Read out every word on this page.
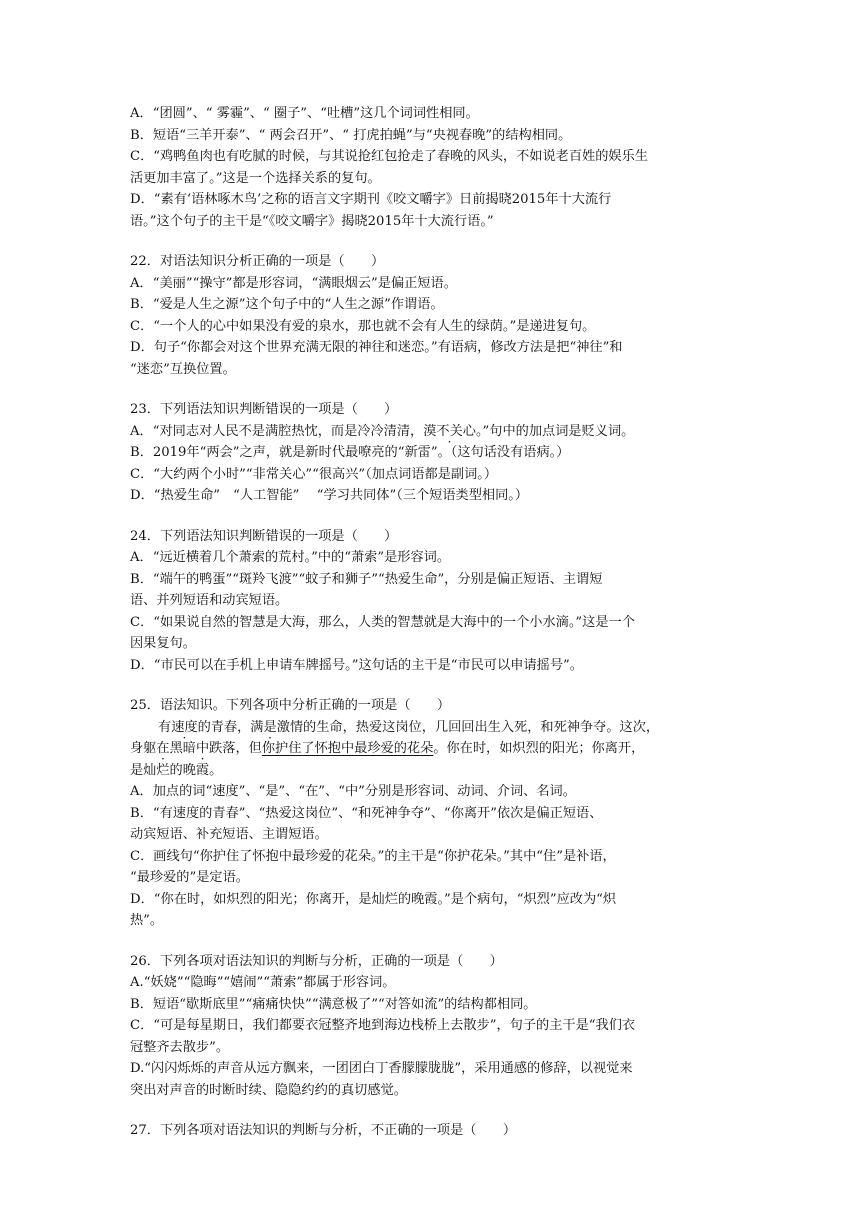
A．“团圆”、“ 雾霾”、“ 圈子”、“吐槽”这几个词词性相同。
B．短语“三羊开泰”、“ 两会召开”、“ 打虎拍蝇”与“央视春晚”的结构相同。
C．“鸡鸭鱼肉也有吃腻的时候，与其说抢红包抢走了春晚的风头，不如说老百姓的娱乐生
活更加丰富了。”这是一个选择关系的复句。
D．“素有‘语林啄木鸟’之称的语言文字期刊《咬文嚼字》日前揭晓2015年十大流行
语。”这个句子的主干是“《咬文嚼字》揭晓2015年十大流行语。”
22．对语法知识分析正确的一项是（　　）
A．“美丽”“操守”都是形容词，“满眼烟云”是偏正短语。
B．“爱是人生之源”这个句子中的“人生之源”作谓语。
C．“一个人的心中如果没有爱的泉水，那也就不会有人生的绿荫。”是递进复句。
D．句子“你都会对这个世界充满无限的神往和迷恋。”有语病，修改方法是把“神往”和
“迷恋”互换位置。
23．下列语法知识判断错误的一项是（　　）
A．“对同志对人民不是满腔热忱，而是冷冷清清，漠不关心。”句中的加点词是贬义词。
B．2019年“两会”之声，就是新时代最嘹亮的“新雷”。（这句话没有语病。）
C．“大约两个小时”“非常关心”“很高兴”（加点词语都是副词。）
D．“热爱生命”　“人工智能”　 “学习共同体”（三个短语类型相同。）
24．下列语法知识判断错误的一项是（　　）
A．“远近横着几个萧索的荒村。”中的“萧索”是形容词。
B．“端午的鸭蛋”“斑羚飞渡”“蚊子和狮子”“热爱生命”，分别是偏正短语、主谓短
语、并列短语和动宾短语。
C．“如果说自然的智慧是大海，那么，人类的智慧就是大海中的一个小水滴。”这是一个
因果复句。
D．“市民可以在手机上申请车牌摇号。”这句话的主干是“市民可以申请摇号”。
25．语法知识。下列各项中分析正确的一项是（　　）
有速度的青春，满是激情的生命，热爱这岗位，几回回出生入死，和死神争夺。这次，
身躯在黑暗中跌落，但你护住了怀抱中最珍爱的花朵。你在时，如炽烈的阳光；你离开，
是灿烂的晚霞。
A．加点的词“速度”、“是”、“在”、“中”分别是形容词、动词、介词、名词。
B．“有速度的青春”、“热爱这岗位”、“和死神争夺”、“你离开”依次是偏正短语、
动宾短语、补充短语、主谓短语。
C．画线句“你护住了怀抱中最珍爱的花朵。”的主干是“你护花朵。”其中“住”是补语，
“最珍爱的”是定语。
D．“你在时，如炽烈的阳光；你离开，是灿烂的晚霞。”是个病句，“炽烈”应改为“炽
热”。
26．下列各项对语法知识的判断与分析，正确的一项是（　　）
A.“妖娆”“隐晦”“嬉闹”“萧索”都属于形容词。
B．短语“歇斯底里”“痛痛快快”“满意极了”“对答如流”的结构都相同。
C．“可是每星期日，我们都要衣冠整齐地到海边栈桥上去散步”，句子的主干是“我们衣
冠整齐去散步”。
D.“闪闪烁烁的声音从远方飘来，一团团白丁香朦朦胧胧”，采用通感的修辞，以视觉来
突出对声音的时断时续、隐隐约约的真切感觉。
27．下列各项对语法知识的判断与分析，不正确的一项是（　　）
